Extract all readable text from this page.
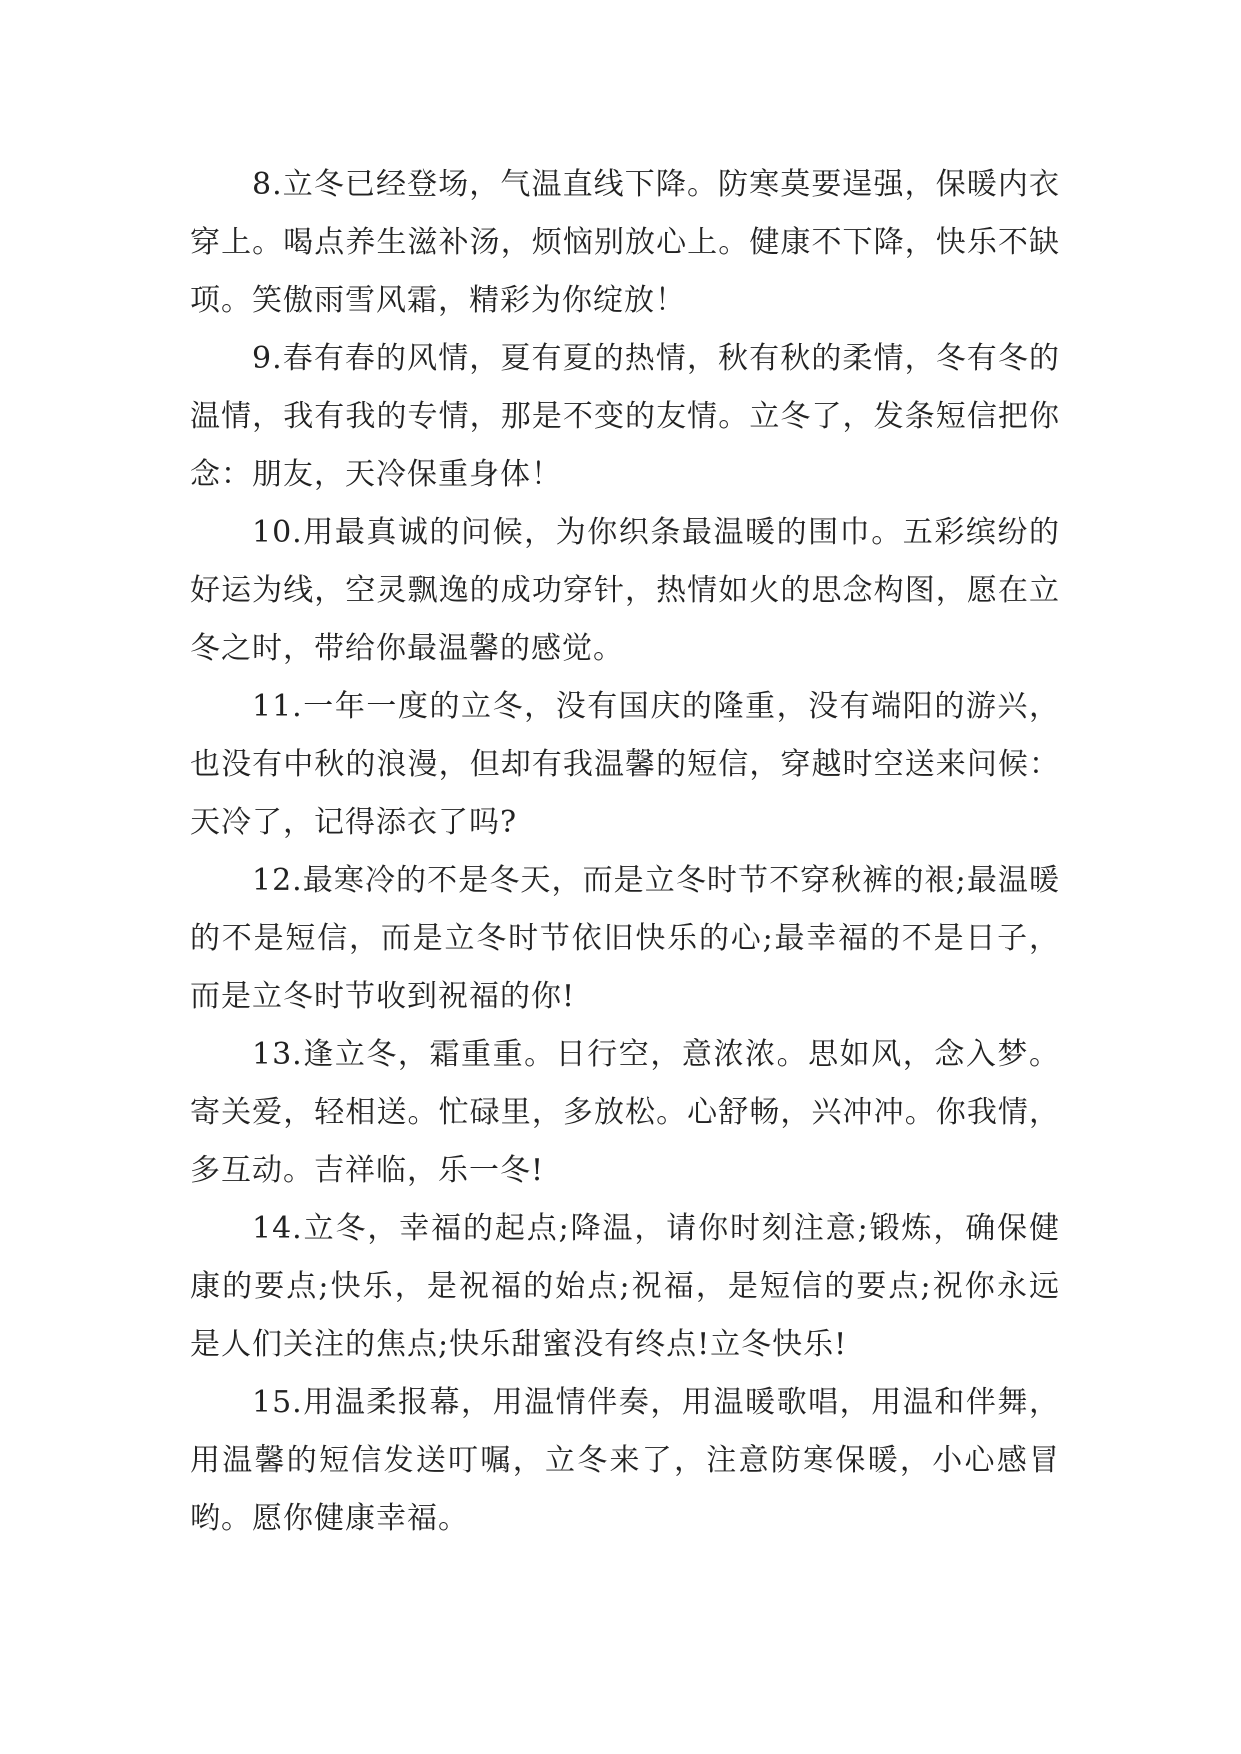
8.立冬已经登场，气温直线下降。防寒莫要逞强，保暖内衣穿上。喝点养生滋补汤，烦恼别放心上。健康不下降，快乐不缺项。笑傲雨雪风霜，精彩为你绽放！

9.春有春的风情，夏有夏的热情，秋有秋的柔情，冬有冬的温情，我有我的专情，那是不变的友情。立冬了，发条短信把你念：朋友，天冷保重身体！

10.用最真诚的问候，为你织条最温暖的围巾。五彩缤纷的好运为线，空灵飘逸的成功穿针，热情如火的思念构图，愿在立冬之时，带给你最温馨的感觉。

11.一年一度的立冬，没有国庆的隆重，没有端阳的游兴，也没有中秋的浪漫，但却有我温馨的短信，穿越时空送来问候：天冷了，记得添衣了吗?

12.最寒冷的不是冬天，而是立冬时节不穿秋裤的裉;最温暖的不是短信，而是立冬时节依旧快乐的心;最幸福的不是日子，而是立冬时节收到祝福的你!

13.逢立冬，霜重重。日行空，意浓浓。思如风，念入梦。寄关爱，轻相送。忙碌里，多放松。心舒畅，兴冲冲。你我情，多互动。吉祥临，乐一冬!

14.立冬，幸福的起点;降温，请你时刻注意;锻炼，确保健康的要点;快乐，是祝福的始点;祝福，是短信的要点;祝你永远是人们关注的焦点;快乐甜蜜没有终点!立冬快乐!

15.用温柔报幕，用温情伴奏，用温暖歌唱，用温和伴舞，用温馨的短信发送叮嘱，立冬来了，注意防寒保暖，小心感冒哟。愿你健康幸福。
